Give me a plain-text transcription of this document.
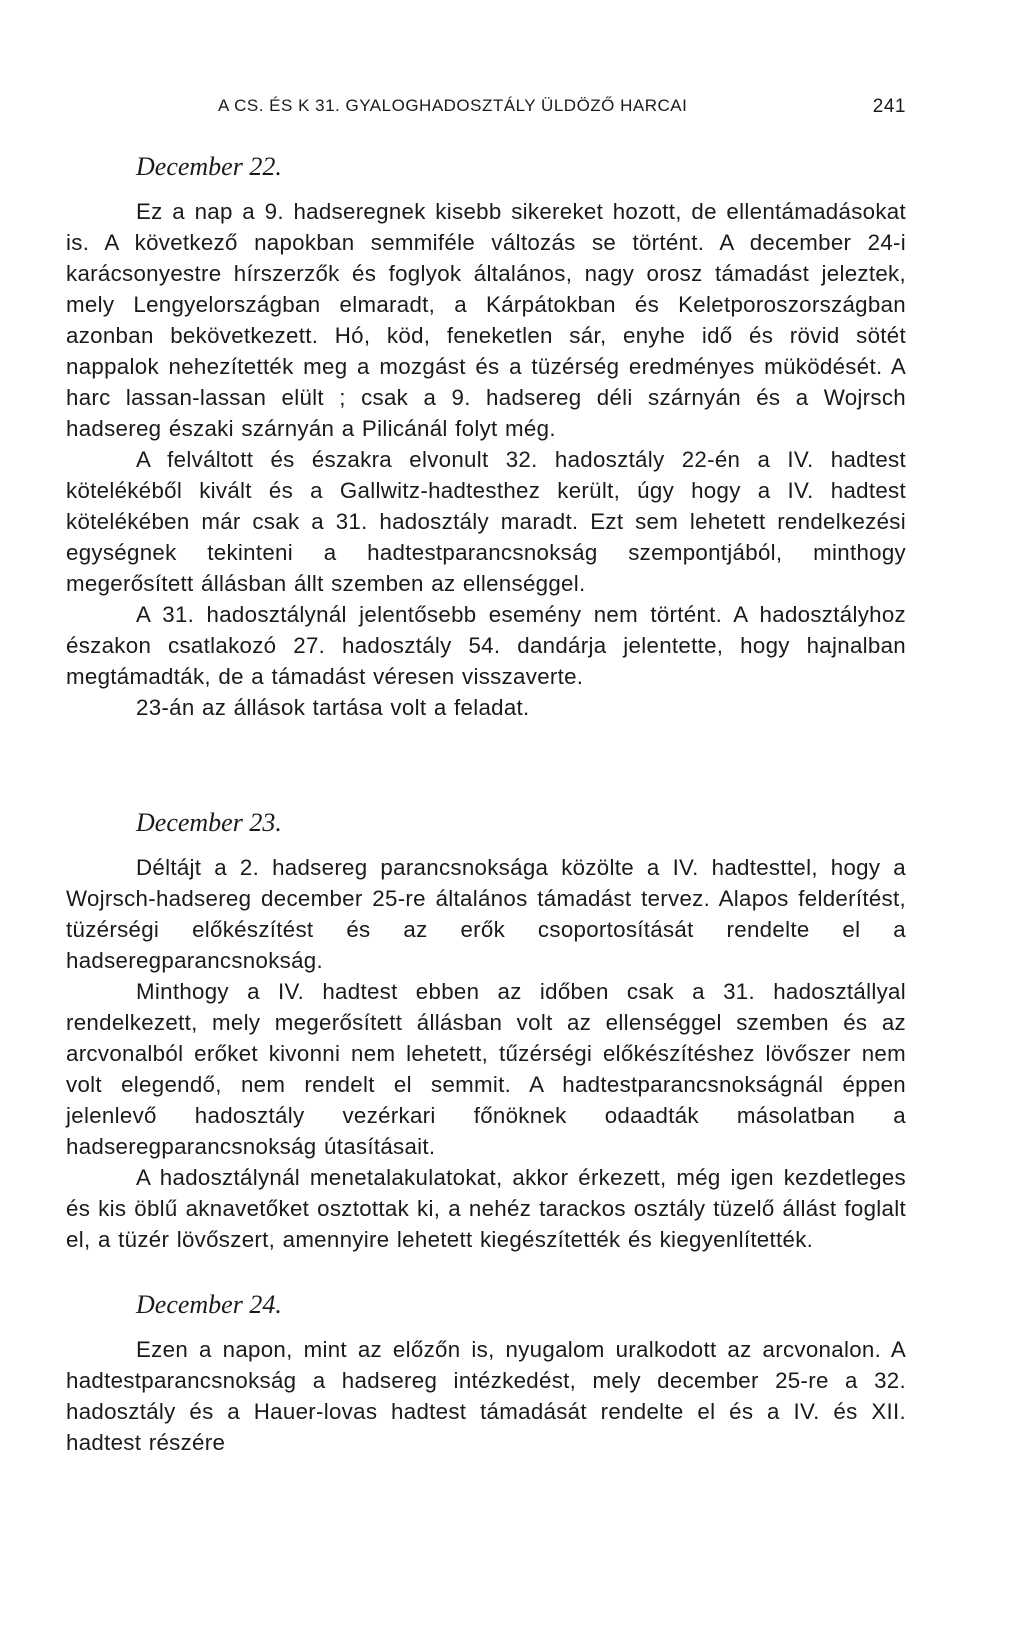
A CS. ÉS K 31. GYALOGHADOSZTÁLY ÜLDÖZŐ HARCAI	241
December 22.

Ez a nap a 9. hadseregnek kisebb sikereket hozott, de ellentámadásokat is. A következő napokban semmiféle változás se történt. A december 24-i karácsonyestre hírszerzők és foglyok általános, nagy orosz támadást jeleztek, mely Lengyelországban elmaradt, a Kárpátokban és Keletporoszországban azonban bekövetkezett. Hó, köd, feneketlen sár, enyhe idő és rövid sötét nappalok nehezítették meg a mozgást és a tüzérség eredményes müködését. A harc lassan-lassan elült ; csak a 9. hadsereg déli szárnyán és a Wojrsch hadsereg északi szárnyán a Pilicánál folyt még.

A felváltott és északra elvonult 32. hadosztály 22-én a IV. hadtest kötelékéből kivált és a Gallwitz-hadtesthez került, úgy hogy a IV. hadtest kötelékében már csak a 31. hadosztály maradt. Ezt sem lehetett rendelkezési egységnek tekinteni a hadtestparancsnokság szempontjából, minthogy megerősített állásban állt szemben az ellenséggel.

A 31. hadosztálynál jelentősebb esemény nem történt. A hadosztályhoz északon csatlakozó 27. hadosztály 54. dandárja jelentette, hogy hajnalban megtámadták, de a támadást véresen visszaverte.

23-án az állások tartása volt a feladat.

December 23.

Déltájt a 2. hadsereg parancsnoksága közölte a IV. hadtesttel, hogy a Wojrsch-hadsereg december 25-re általános támadást tervez. Alapos felderítést, tüzérségi előkészítést és az erők csoportosítását rendelte el a hadseregparancsnokság.

Minthogy a IV. hadtest ebben az időben csak a 31. hadosztállyal rendelkezett, mely megerősített állásban volt az ellenséggel szemben és az arcvonalból erőket kivonni nem lehetett, tűzérségi előkészítéshez lövőszer nem volt elegendő, nem rendelt el semmit. A hadtestparancsnokságnál éppen jelenlevő hadosztály vezérkari főnöknek odaadták másolatban a hadseregparancsnokság útasításait.

A hadosztálynál menetalakulatokat, akkor érkezett, még igen kezdetleges és kis öblű aknavetőket osztottak ki, a nehéz tarackos osztály tüzelő állást foglalt el, a tüzér lövőszert, amennyire lehetett kiegészítették és kiegyenlítették.

December 24.

Ezen a napon, mint az előzőn is, nyugalom uralkodott az arcvonalon. A hadtestparancsnokság a hadsereg intézkedést, mely december 25-re a 32. hadosztály és a Hauer-lovas hadtest támadását rendelte el és a IV. és XII. hadtest részére
